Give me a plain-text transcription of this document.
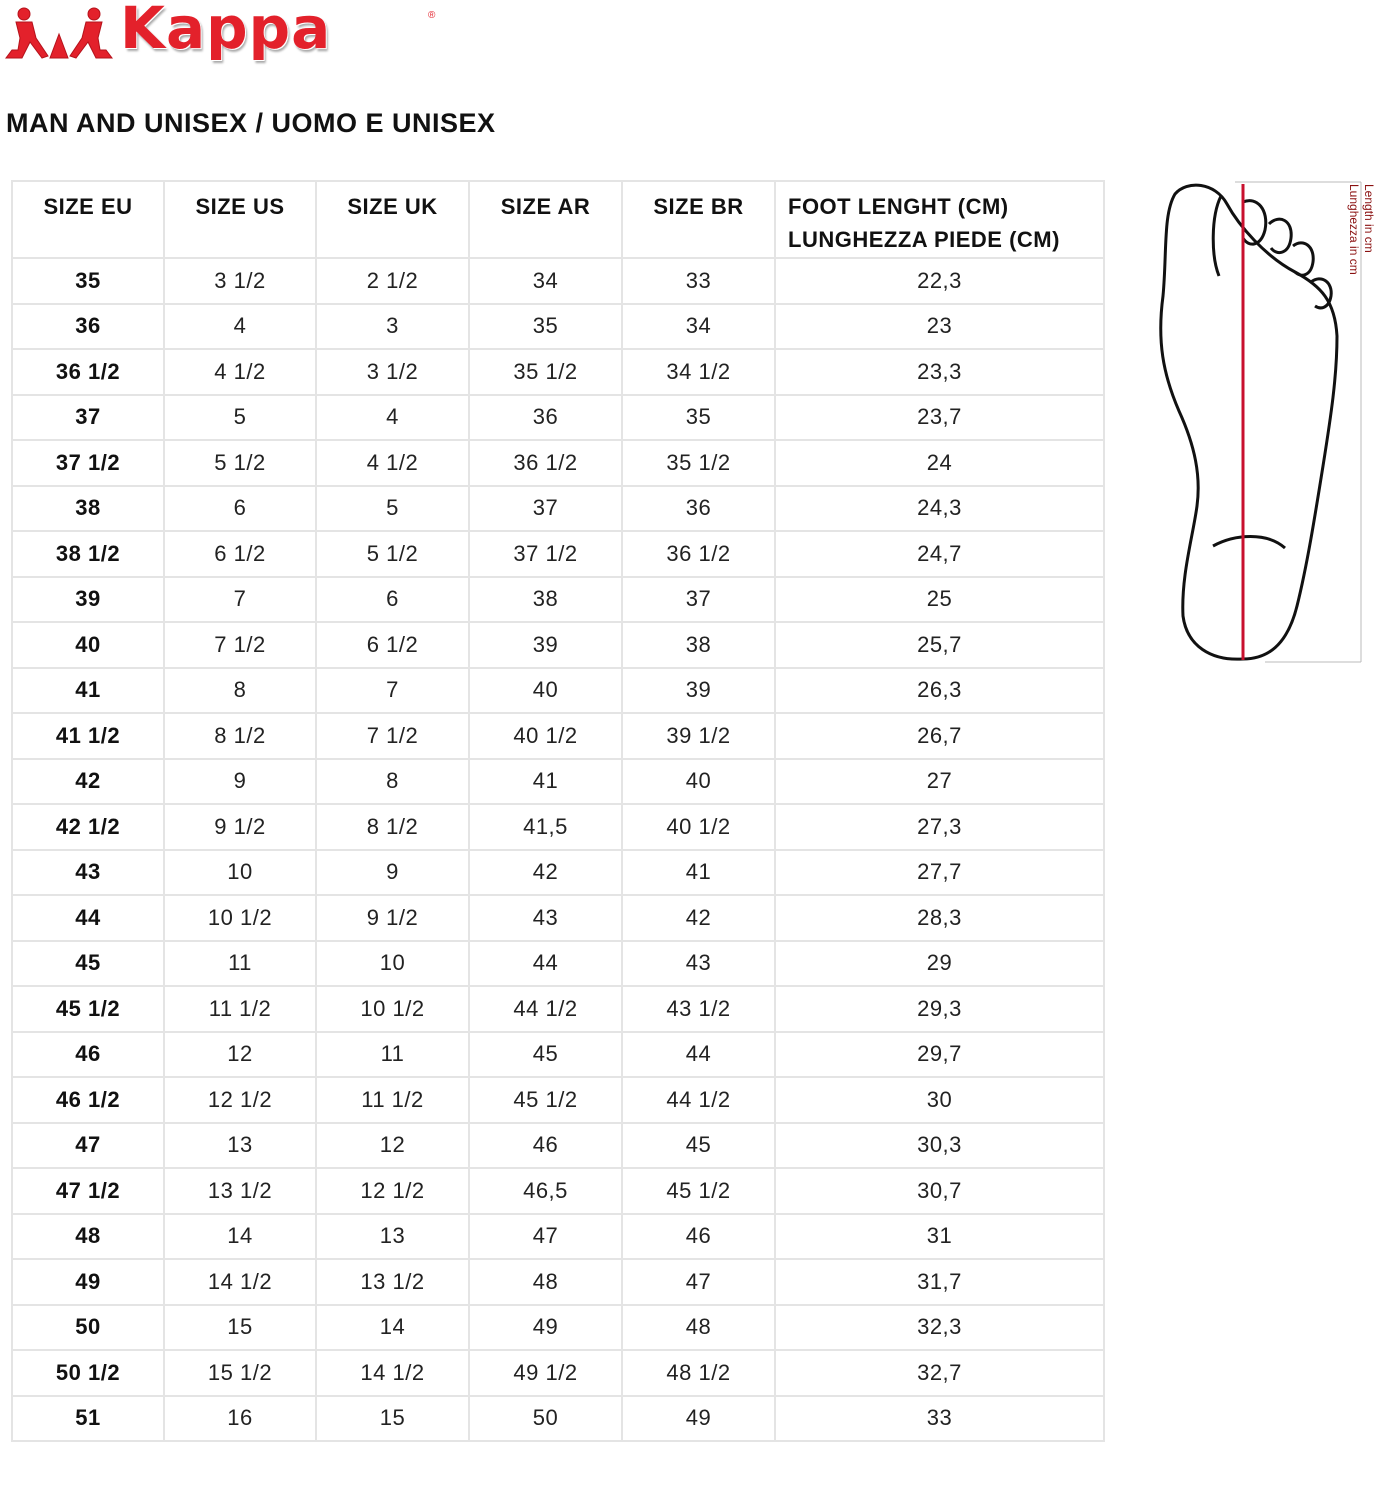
Kappa	®
MAN AND UNISEX / UOMO E UNISEX
SIZE EU	SIZE US	SIZE UK	SIZE AR	SIZE BR	FOOT LENGHT (CM)
LUNGHEZZA PIEDE (CM)
35	3 1/2	2 1/2	34	33	22,3
36	4	3	35	34	23
36 1/2	4 1/2	3 1/2	35 1/2	34 1/2	23,3
37	5	4	36	35	23,7
37 1/2	5 1/2	4 1/2	36 1/2	35 1/2	24
38	6	5	37	36	24,3
38 1/2	6 1/2	5 1/2	37 1/2	36 1/2	24,7
39	7	6	38	37	25
40	7 1/2	6 1/2	39	38	25,7
41	8	7	40	39	26,3
41 1/2	8 1/2	7 1/2	40 1/2	39 1/2	26,7
42	9	8	41	40	27
42 1/2	9 1/2	8 1/2	41,5	40 1/2	27,3
43	10	9	42	41	27,7
44	10 1/2	9 1/2	43	42	28,3
45	11	10	44	43	29
45 1/2	11 1/2	10 1/2	44 1/2	43 1/2	29,3
46	12	11	45	44	29,7
46 1/2	12 1/2	11 1/2	45 1/2	44 1/2	30
47	13	12	46	45	30,3
47 1/2	13 1/2	12 1/2	46,5	45 1/2	30,7
48	14	13	47	46	31
49	14 1/2	13 1/2	48	47	31,7
50	15	14	49	48	32,3
50 1/2	15 1/2	14 1/2	49 1/2	48 1/2	32,7
51	16	15	50	49	33
Length in cm
Lunghezza in cm
